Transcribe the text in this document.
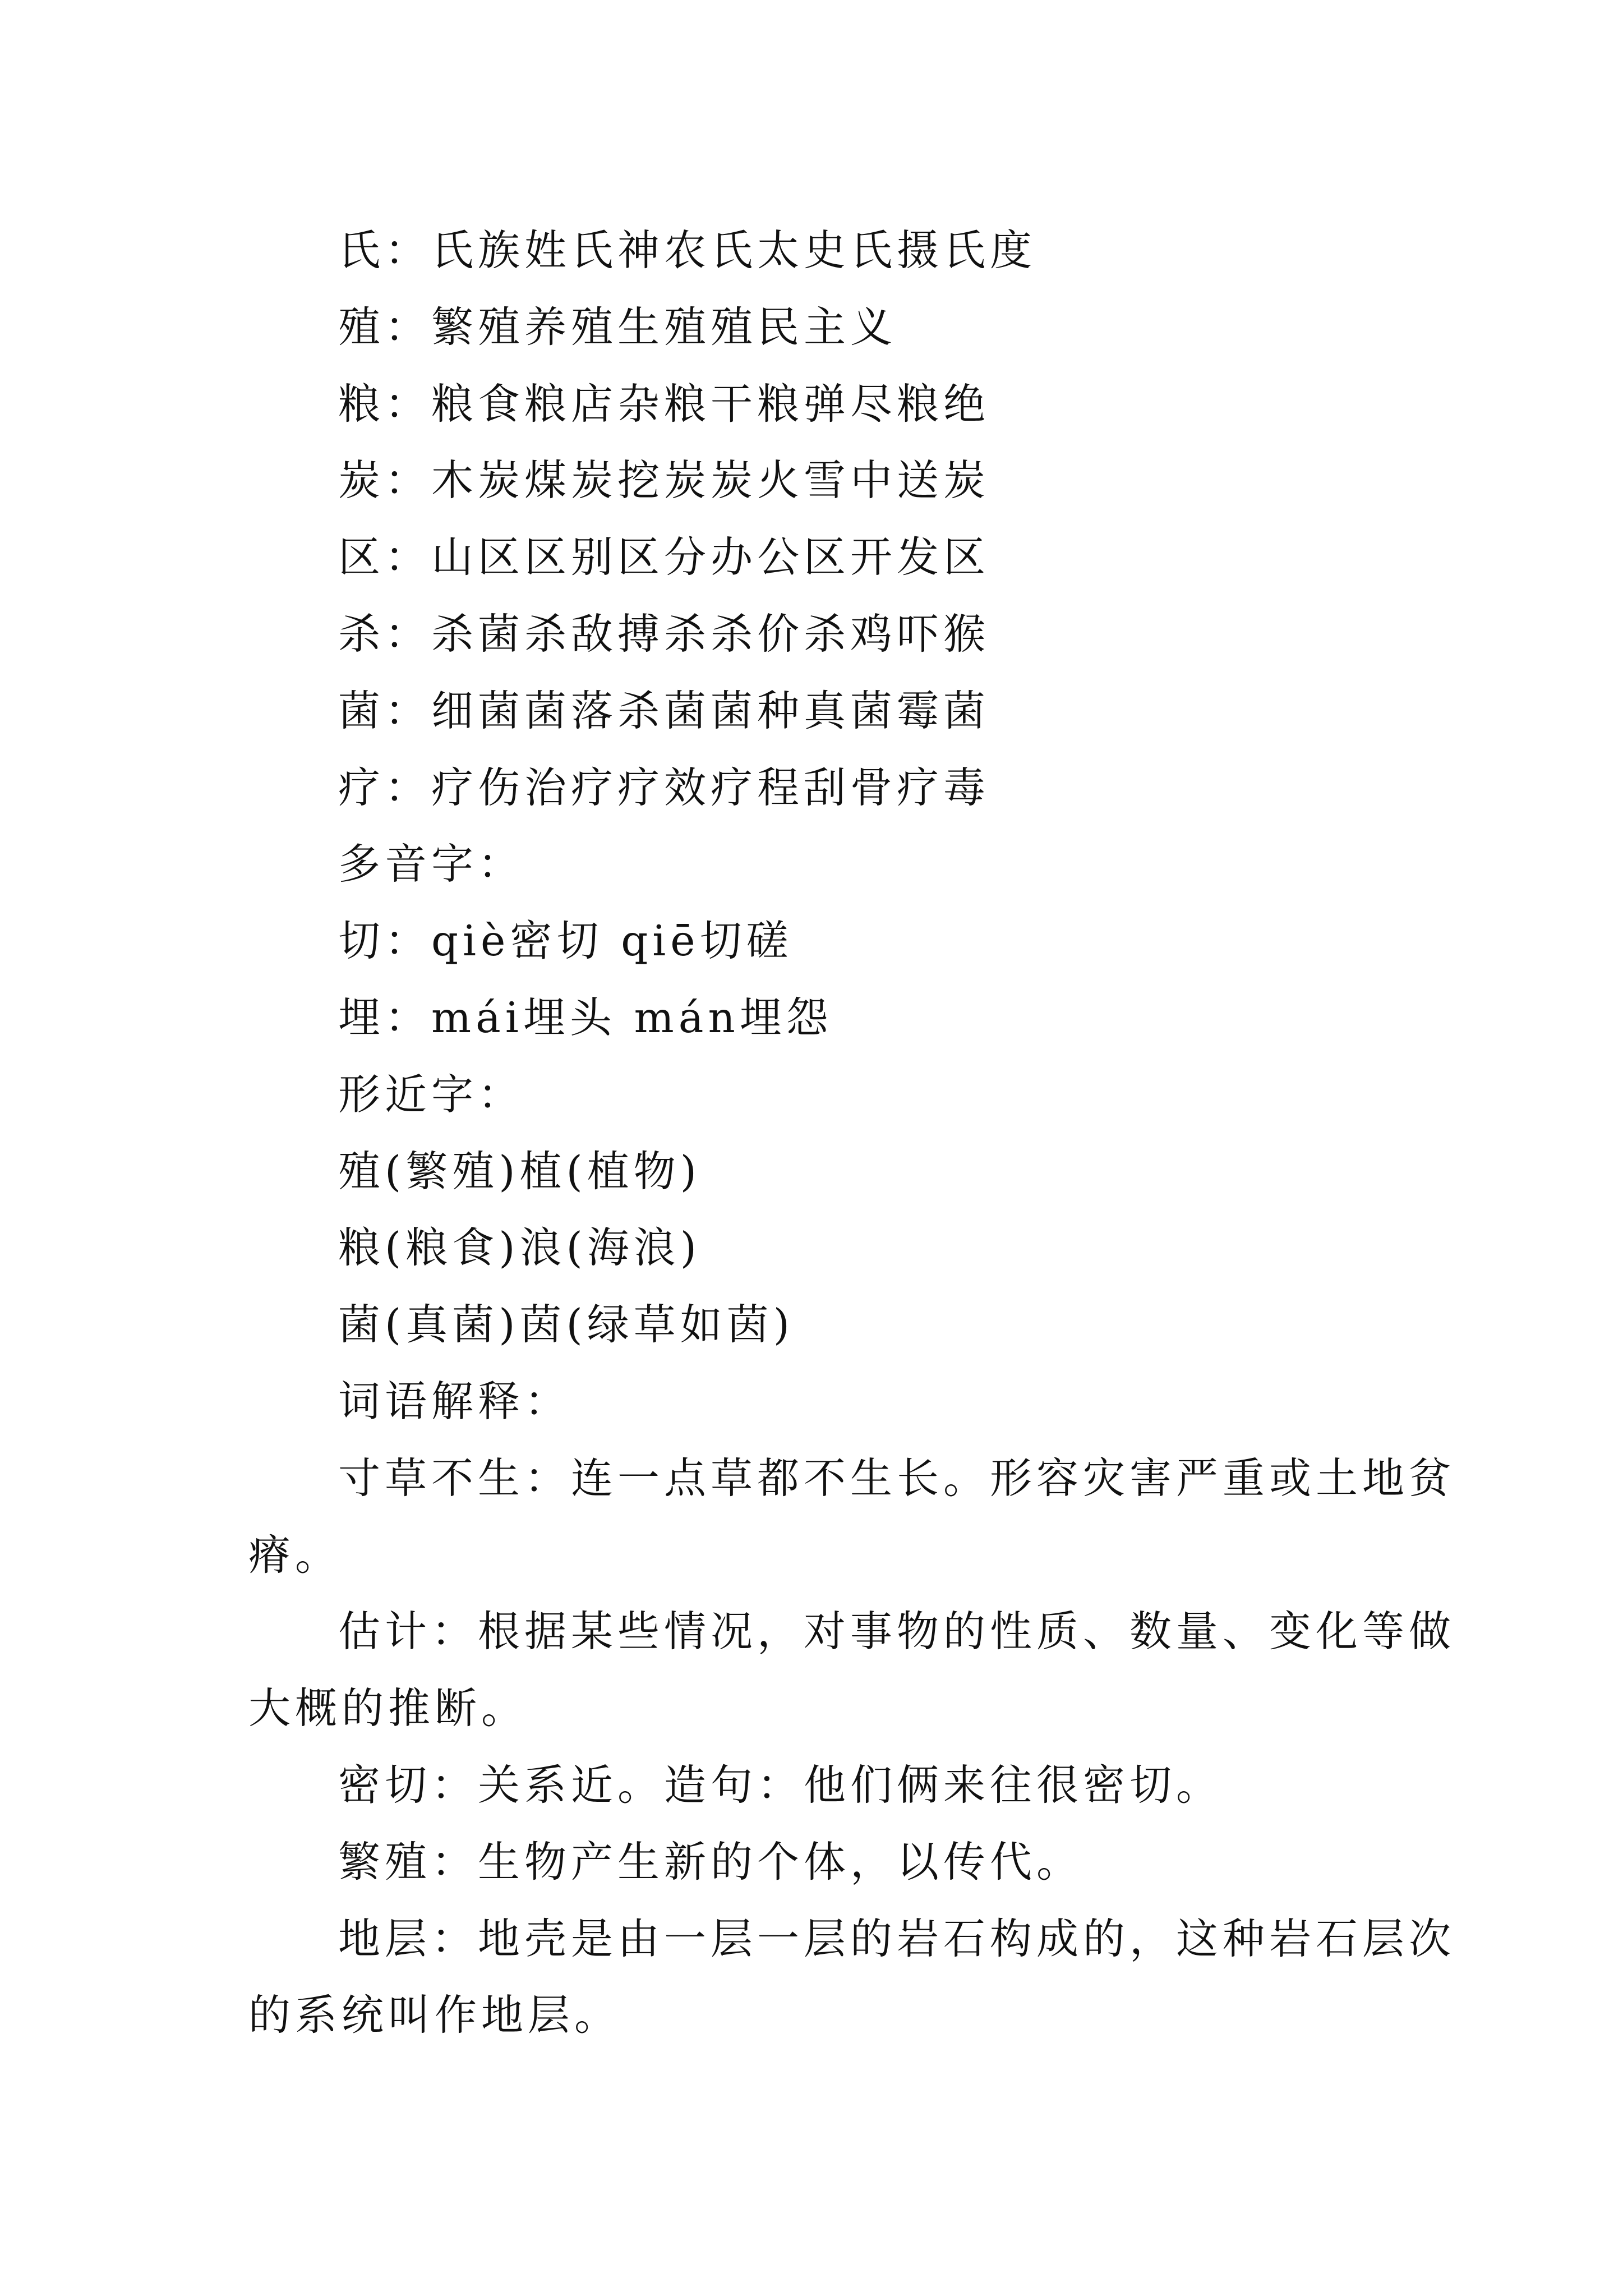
氏：氏族姓氏神农氏太史氏摄氏度

殖：繁殖养殖生殖殖民主义

粮：粮食粮店杂粮干粮弹尽粮绝

炭：木炭煤炭挖炭炭火雪中送炭

区：山区区别区分办公区开发区

杀：杀菌杀敌搏杀杀价杀鸡吓猴

菌：细菌菌落杀菌菌种真菌霉菌

疗：疗伤治疗疗效疗程刮骨疗毒

多音字：

切：qiè密切 qiē切磋

埋：mái埋头 mán埋怨

形近字：

殖(繁殖)植(植物)

粮(粮食)浪(海浪)

菌(真菌)茵(绿草如茵)

词语解释：

寸草不生：连一点草都不生长。形容灾害严重或土地贫

瘠。

估计：根据某些情况，对事物的性质、数量、变化等做

大概的推断。

密切：关系近。造句：他们俩来往很密切。

繁殖：生物产生新的个体，以传代。

地层：地壳是由一层一层的岩石构成的，这种岩石层次

的系统叫作地层。
